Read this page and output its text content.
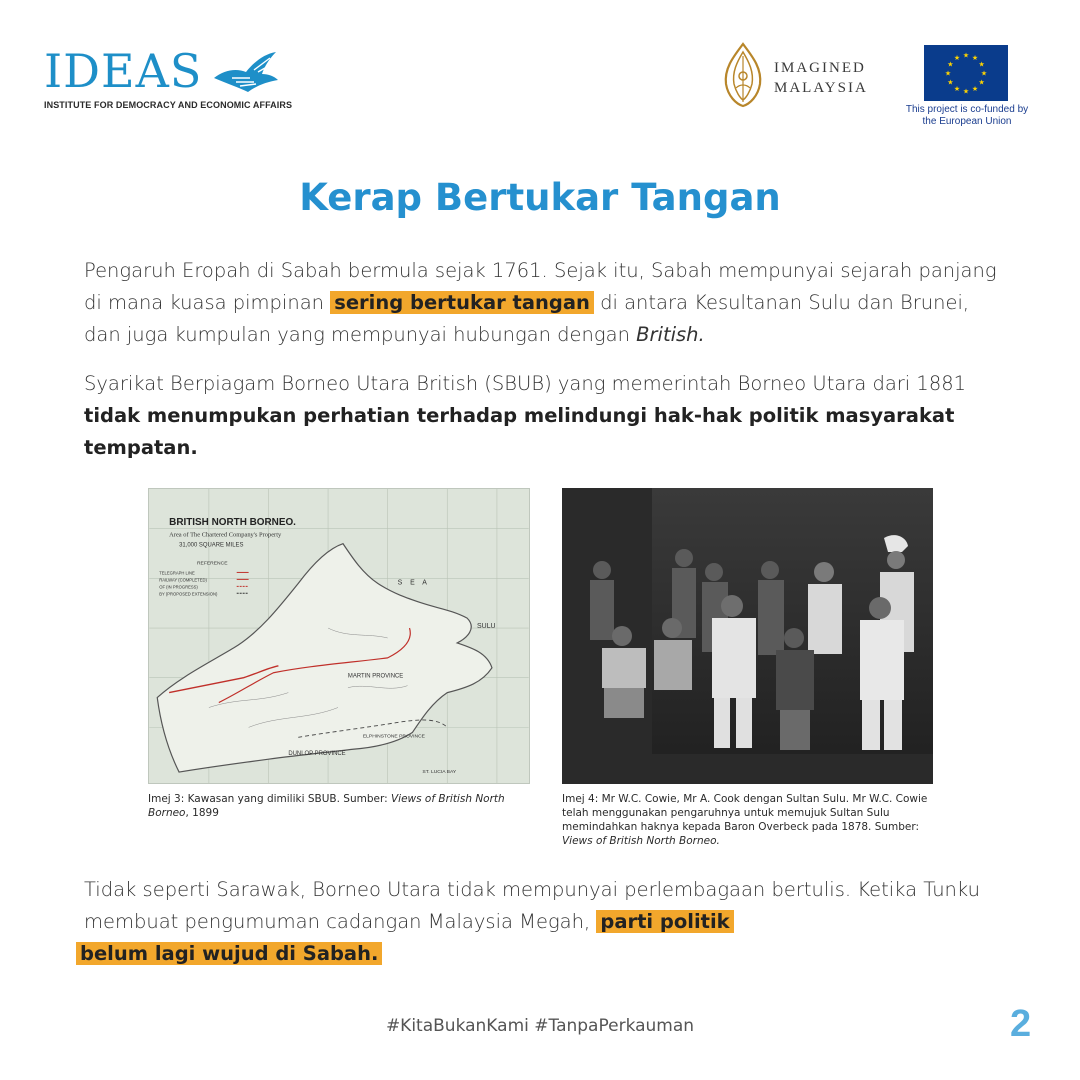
IDEAS
INSTITUTE FOR DEMOCRACY AND ECONOMIC AFFAIRS
IMAGINED
MALAYSIA
★
★
★
★
★
★
★
★
★ ★ ★
★
This project is co-funded by
the European Union
Kerap Bertukar Tangan
Pengaruh Eropah di Sabah bermula sejak 1761. Sejak itu, Sabah mempunyai sejarah panjang di mana kuasa pimpinan sering bertukar tangan di antara Kesultanan Sulu dan Brunei, dan juga kumpulan yang mempunyai hubungan dengan British.
Syarikat Berpiagam Borneo Utara British (SBUB) yang memerintah Borneo Utara dari 1881 tidak menumpukan perhatian terhadap melindungi hak-hak politik masyarakat tempatan.
BRITISH NORTH BORNEO.
Area of The Chartered Company's Property
31,000 SQUARE MILES
REFERENCE
TELEGRAPH LINE
RAILWAY (COMPLETED)
OF (IN PROGRESS)
BY (PROPOSED EXTENSION)
S E A
SULU
MARTIN PROVINCE
DUNLOP PROVINCE
ELPHINSTONE PROVINCE
ST. LUCIA BAY
Imej 3: Kawasan yang dimiliki SBUB. Sumber: Views of British North Borneo, 1899
Imej 4: Mr W.C. Cowie, Mr A. Cook dengan Sultan Sulu. Mr W.C. Cowie telah menggunakan pengaruhnya untuk memujuk Sultan Sulu memindahkan haknya kepada Baron Overbeck pada 1878. Sumber: Views of British North Borneo.
Tidak seperti Sarawak, Borneo Utara tidak mempunyai perlembagaan bertulis. Ketika Tunku membuat pengumuman cadangan Malaysia Megah, parti politik
belum lagi wujud di Sabah.
#KitaBukanKami #TanpaPerkauman	2
